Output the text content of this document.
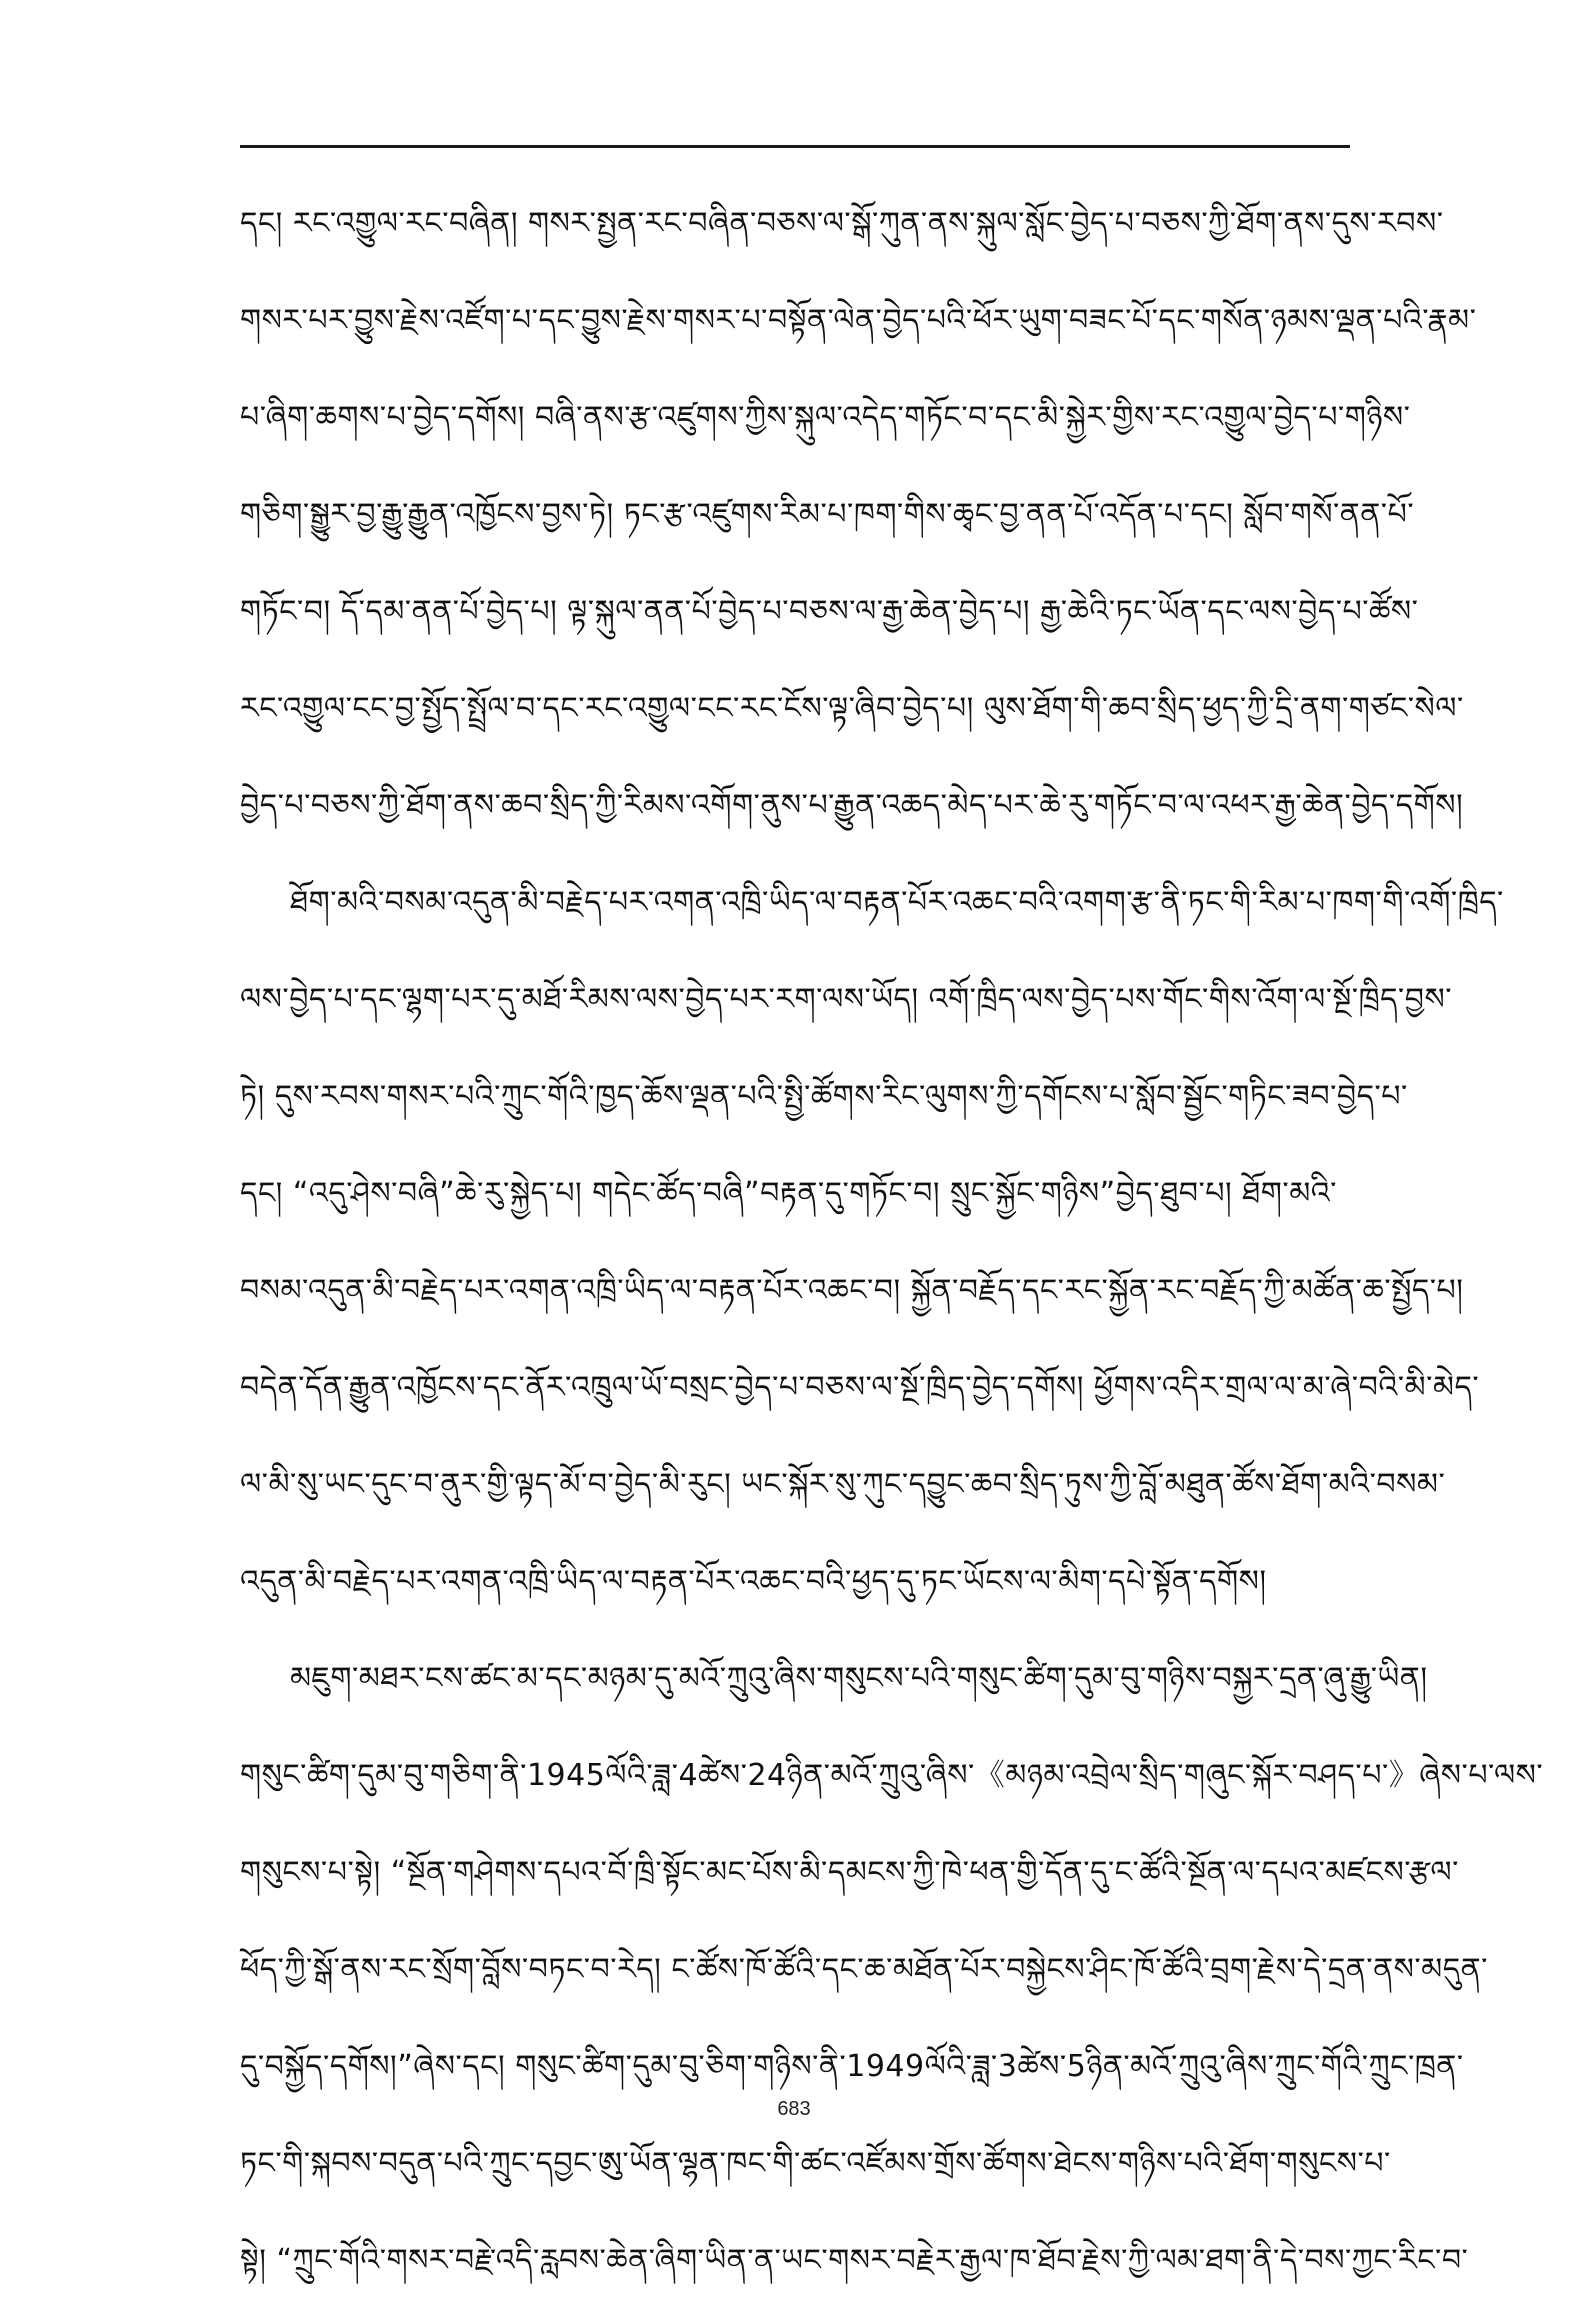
དང། རང་འགྱུལ་རང་བཞིན། གསར་སྤྱན་རང་བཞིན་བཅས་ལ་སྒོ་ཀུན་ནས་སྐུལ་སློང་བྱེད་པ་བཅས་ཀྱི་ཐོག་ནས་དུས་རབས་
གསར་པར་བྱུས་རྗེས་འཛོག་པ་དང་བྱུས་རྗེས་གསར་པ་བསྟོན་ལེན་བྱེད་པའི་ཕོར་ཡུག་བཟང་པོ་དང་གསོན་ཉམས་ལྡན་པའི་རྣམ་
པ་ཞིག་ཆགས་པ་བྱེད་དགོས། བཞི་ནས་རྩ་འཛུགས་ཀྱིས་སྐུལ་འདེད་གཏོང་བ་དང་མི་སྐྱེར་གྱིས་རང་འགྱུལ་བྱེད་པ་གཉིས་
གཅིག་སྒྱུར་བྱ་རྒྱུ་རྒྱུན་འཁྱོངས་བྱས་ཏེ། ཏང་རྩ་འཛུགས་རིམ་པ་ཁག་གིས་ཆྭང་བྱ་ནན་པོ་འདོན་པ་དང། སློབ་གསོ་ནན་པོ་
གཏོང་བ། དོ་དམ་ནན་པོ་བྱེད་པ། ལྟ་སྐུལ་ནན་པོ་བྱེད་པ་བཅས་ལ་རྒྱ་ཆེན་བྱེད་པ། རྒྱ་ཆེའི་ཏང་ཡོན་དང་ལས་བྱེད་པ་ཚོས་
རང་འགྱུལ་ངང་བྱ་སྤྱོད་སྤྲོལ་བ་དང་རང་འགྱུལ་ངང་རང་ངོས་ལྟ་ཞིབ་བྱེད་པ། ལུས་ཐོག་གི་ཆབ་སྲིད་ཕྱད་ཀྱི་དྲི་ནག་གཙང་སེལ་
བྱེད་པ་བཅས་ཀྱི་ཐོག་ནས་ཆབ་སྲིད་ཀྱི་རིམས་འགོག་ནུས་པ་རྒྱུན་འཆད་མེད་པར་ཆེ་རུ་གཏོང་བ་ལ་འཕར་རྒྱ་ཆེན་བྱེད་དགོས།
ཐོག་མའི་བསམ་འདུན་མི་བརྗེད་པར་འགན་འཁྲི་ཡིད་ལ་བརྟན་པོར་འཆང་བའི་འགག་རྩ་ནི་ཏང་གི་རིམ་པ་ཁག་གི་འགོ་ཁྲིད་
ལས་བྱེད་པ་དང་ལྷག་པར་དུ་མཐོ་རིམས་ལས་བྱེད་པར་རག་ལས་ཡོད། འགོ་ཁྲིད་ལས་བྱེད་པས་གོང་གིས་འོག་ལ་སྔོ་ཁྲིད་བྱས་
ཏེ། དུས་རབས་གསར་པའི་ཀྲུང་གོའི་ཁྱད་ཆོས་ལྡན་པའི་སྤྱི་ཚོགས་རིང་ལུགས་ཀྱི་དགོངས་པ་སློབ་སྦྱོང་གཏིང་ཟབ་བྱེད་པ་
དང། “འདུ་ཤེས་བཞི”ཆེ་རུ་སྐྱེད་པ། གདེང་ཚོད་བཞི”བརྟན་དུ་གཏོང་བ། སྲུང་སྐྱོང་གཉིས”བྱེད་ཐུབ་པ། ཐོག་མའི་
བསམ་འདུན་མི་བརྗེད་པར་འགན་འཁྲི་ཡིད་ལ་བརྟན་པོར་འཆང་བ། སྐྱོན་བརྗོད་དང་རང་སྐྱོན་རང་བརྗོད་ཀྱི་མཚོན་ཆ་སྤྱོད་པ།
བདེན་དོན་རྒྱུན་འཁྱོངས་དང་ནོར་འཁྲུལ་ཡོ་བསྲང་བྱེད་པ་བཅས་ལ་སྔོ་ཁྲིད་བྱེད་དགོས། ཕྱོགས་འདིར་གྲལ་ལ་མ་ཞེ་བའི་མི་མེད་
ལ་མི་སུ་ཡང་དུང་བ་ནུར་གྱི་ལྟད་མོ་བ་བྱེད་མི་རུང། ཡང་སྐོར་སུ་ཀུང་དབྱུང་ཆབ་སྲིད་ཏུས་ཀྱི་བློ་མཐུན་ཚོས་ཐོག་མའི་བསམ་
འདུན་མི་བརྗེད་པར་འགན་འཁྲི་ཡིད་ལ་བརྟན་པོར་འཆང་བའི་ཕྱད་དུ་ཏང་ཡོངས་ལ་མིག་དཔེ་སྟོན་དགོས།
མཇུག་མཐར་ངས་ཚང་མ་དང་མཉམ་དུ་མའོ་ཀྲུའུ་ཞིས་གསུངས་པའི་གསུང་ཚིག་དུམ་བུ་གཉིས་བསྐྱར་དྲན་ཞུ་རྒྱུ་ཡིན།
གསུང་ཚིག་དུམ་བུ་གཅིག་ནི་1945ལོའི་ཟླ་4ཚེས་24ཉིན་མའོ་ཀྲུའུ་ཞིས་《མཉམ་འབྲེལ་སྲིད་གཞུང་སྐོར་བཤད་པ་》ཞེས་པ་ལས་
གསུངས་པ་སྟེ། “སྔོན་གཤེགས་དཔའ་བོ་ཁྲི་སྟོང་མང་པོས་མི་དམངས་ཀྱི་ཁེ་ཕན་གྱི་དོན་དུ་ང་ཚོའི་སྔོན་ལ་དཔའ་མཛངས་རྩལ་
ཕོད་ཀྱི་སྒོ་ནས་རང་སྲོག་བློས་བཏང་བ་རེད། ང་ཚོས་ཁོ་ཚོའི་དང་ཆ་མཐོན་པོར་བསྐྱེངས་ཤིང་ཁོ་ཚོའི་བྲག་རྗེས་དེ་དྲན་ནས་མདུན་
དུ་བསྐྱོད་དགོས།”ཞེས་དང། གསུང་ཚིག་དུམ་བུ་ཅིག་གཉིས་ནི་1949ལོའི་ཟླ་3ཚེས་5ཉིན་མའོ་ཀྲུའུ་ཞིས་ཀྲུང་གོའི་ཀྲུང་ཁྲན་
ཏང་གི་སྐབས་བདུན་པའི་ཀྲུང་དབྱང་ཨུ་ཡོན་ལྷན་ཁང་གི་ཚང་འཛོམས་གྲོས་ཚོགས་ཐེངས་གཉིས་པའི་ཐོག་གསུངས་པ་
སྟེ། “ཀྲུང་གོའི་གསར་བརྗེ་འདི་རླབས་ཆེན་ཞིག་ཡིན་ན་ཡང་གསར་བརྗེར་རྒྱལ་ཁ་ཐོབ་རྗེས་ཀྱི་ལམ་ཐག་ནི་དེ་བས་ཀྱང་རིང་བ་
683
